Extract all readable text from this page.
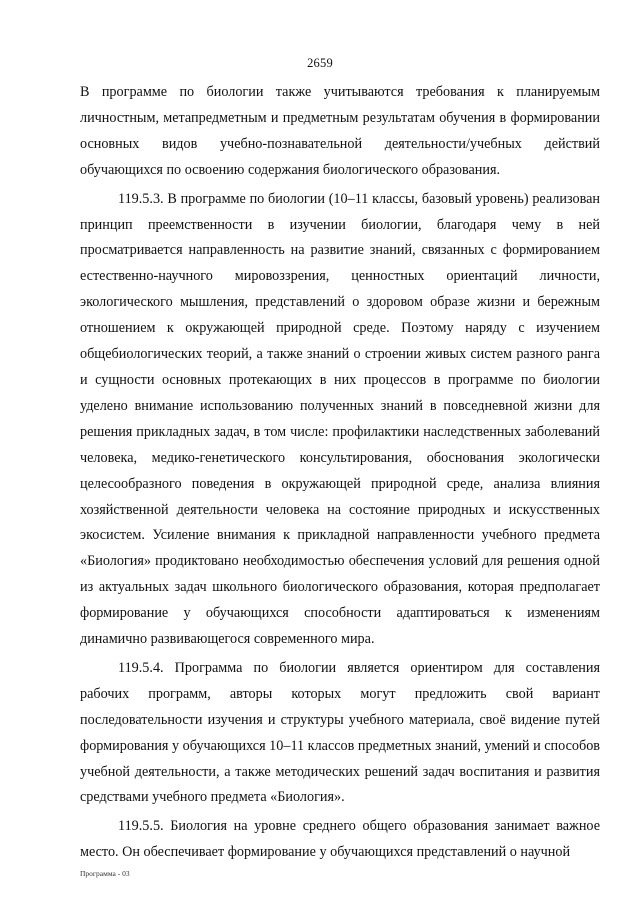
2659

В программе по биологии также учитываются требования к планируемым личностным, метапредметным и предметным результатам обучения в формировании основных видов учебно-познавательной деятельности/учебных действий обучающихся по освоению содержания биологического образования.

119.5.3. В программе по биологии (10–11 классы, базовый уровень) реализован принцип преемственности в изучении биологии, благодаря чему в ней просматривается направленность на развитие знаний, связанных с формированием естественно-научного мировоззрения, ценностных ориентаций личности, экологического мышления, представлений о здоровом образе жизни и бережным отношением к окружающей природной среде. Поэтому наряду с изучением общебиологических теорий, а также знаний о строении живых систем разного ранга и сущности основных протекающих в них процессов в программе по биологии уделено внимание использованию полученных знаний в повседневной жизни для решения прикладных задач, в том числе: профилактики наследственных заболеваний человека, медико-генетического консультирования, обоснования экологически целесообразного поведения в окружающей природной среде, анализа влияния хозяйственной деятельности человека на состояние природных и искусственных экосистем. Усиление внимания к прикладной направленности учебного предмета «Биология» продиктовано необходимостью обеспечения условий для решения одной из актуальных задач школьного биологического образования, которая предполагает формирование у обучающихся способности адаптироваться к изменениям динамично развивающегося современного мира.

119.5.4. Программа по биологии является ориентиром для составления рабочих программ, авторы которых могут предложить свой вариант последовательности изучения и структуры учебного материала, своё видение путей формирования у обучающихся 10–11 классов предметных знаний, умений и способов учебной деятельности, а также методических решений задач воспитания и развития средствами учебного предмета «Биология».

119.5.5. Биология на уровне среднего общего образования занимает важное место. Он обеспечивает формирование у обучающихся представлений о научной

Программа - 03
